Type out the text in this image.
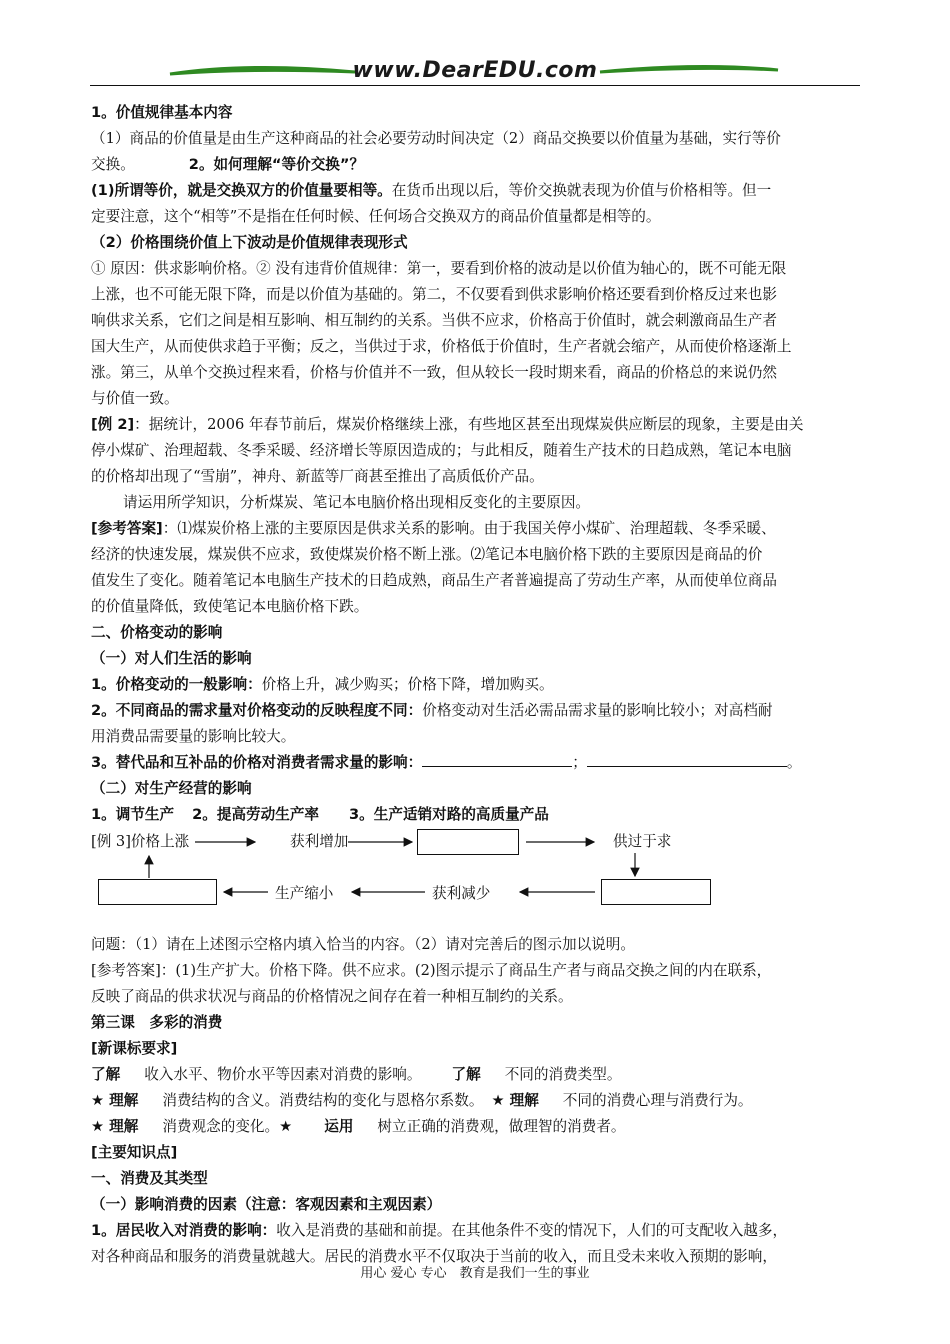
www.DearEDU.com
1。价值规律基本内容
（1）商品的价值量是由生产这种商品的社会必要劳动时间决定（2）商品交换要以价值量为基础，实行等价
交换。	2。如何理解“等价交换”？
(1)所谓等价，就是交换双方的价值量要相等。在货币出现以后，等价交换就表现为价值与价格相等。但一
定要注意，这个“相等”不是指在任何时候、任何场合交换双方的商品价值量都是相等的。
（2）价格围绕价值上下波动是价值规律表现形式
① 原因：供求影响价格。② 没有违背价值规律：第一，要看到价格的波动是以价值为轴心的，既不可能无限
上涨，也不可能无限下降，而是以价值为基础的。第二，不仅要看到供求影响价格还要看到价格反过来也影
响供求关系，它们之间是相互影响、相互制约的关系。当供不应求，价格高于价值时，就会刺激商品生产者
国大生产，从而使供求趋于平衡；反之，当供过于求，价格低于价值时，生产者就会缩产，从而使价格逐渐上
涨。第三，从单个交换过程来看，价格与价值并不一致，但从较长一段时期来看，商品的价格总的来说仍然
与价值一致。
[例 2]：据统计，2006 年春节前后，煤炭价格继续上涨，有些地区甚至出现煤炭供应断层的现象，主要是由关
停小煤矿、治理超载、冬季采暖、经济增长等原因造成的；与此相反，随着生产技术的日趋成熟，笔记本电脑
的价格却出现了“雪崩”，神舟、新蓝等厂商甚至推出了高质低价产品。
请运用所学知识，分析煤炭、笔记本电脑价格出现相反变化的主要原因。
[参考答案]：⑴煤炭价格上涨的主要原因是供求关系的影响。由于我国关停小煤矿、治理超载、冬季采暖、
经济的快速发展，煤炭供不应求，致使煤炭价格不断上涨。⑵笔记本电脑价格下跌的主要原因是商品的价
值发生了变化。随着笔记本电脑生产技术的日趋成熟，商品生产者普遍提高了劳动生产率，从而使单位商品
的价值量降低，致使笔记本电脑价格下跌。
二、价格变动的影响
（一）对人们生活的影响
1。价格变动的一般影响：价格上升，减少购买；价格下降，增加购买。
2。不同商品的需求量对价格变动的反映程度不同：价格变动对生活必需品需求量的影响比较小；对高档耐
用消费品需要量的影响比较大。
3。替代品和互补品的价格对消费者需求量的影响：	；	。
（二）对生产经营的影响
1。调节生产 2。提高劳动生产率 3。生产适销对路的高质量产品
问题：（1）请在上述图示空格内填入恰当的内容。（2）请对完善后的图示加以说明。
[参考答案]：(1)生产扩大。价格下降。供不应求。(2)图示提示了商品生产者与商品交换之间的内在联系，
反映了商品的供求状况与商品的价格情况之间存在着一种相互制约的关系。
第三课　多彩的消费
[新课标要求]
了解 收入水平、物价水平等因素对消费的影响。 了解 不同的消费类型。
★ 理解 消费结构的含义。消费结构的变化与恩格尔系数。 ★ 理解 不同的消费心理与消费行为。
★ 理解 消费观念的变化。★ 运用 树立正确的消费观，做理智的消费者。
[主要知识点]
一、消费及其类型
（一）影响消费的因素（注意：客观因素和主观因素）
1。居民收入对消费的影响：收入是消费的基础和前提。在其他条件不变的情况下，人们的可支配收入越多，
对各种商品和服务的消费量就越大。居民的消费水平不仅取决于当前的收入，而且受未来收入预期的影响，
[例 3]价格上涨	获利增加	供过于求
生产缩小	获利减少
用心 爱心 专心　教育是我们一生的事业
